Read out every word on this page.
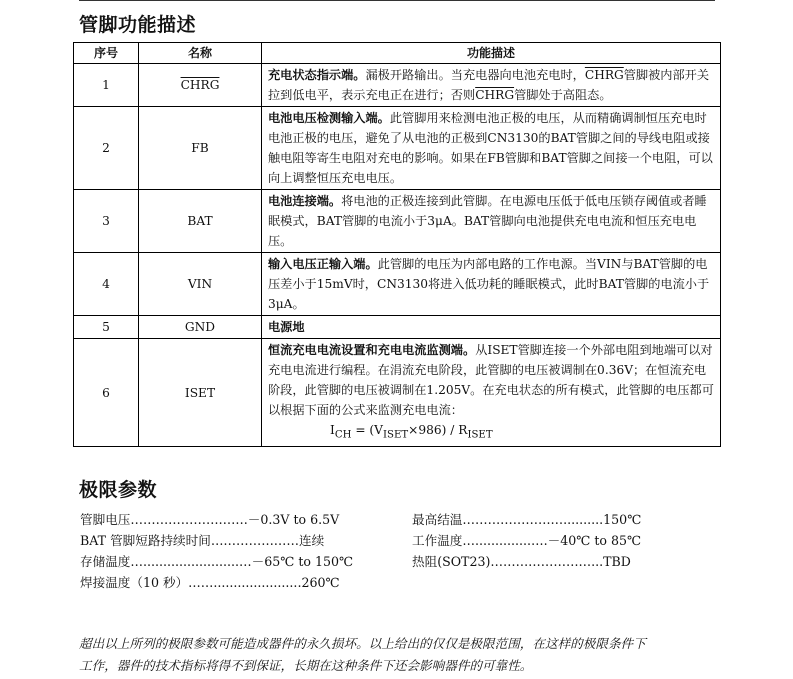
管脚功能描述
序号	名称	功能描述
1	CHRG	充电状态指示端。漏极开路输出。当充电器向电池充电时，CHRG管脚被内部开关拉到低电平，表示充电正在进行；否则CHRG管脚处于高阻态。
2	FB	电池电压检测输入端。此管脚用来检测电池正极的电压，从而精确调制恒压充电时电池正极的电压，避免了从电池的正极到CN3130的BAT管脚之间的导线电阻或接触电阻等寄生电阻对充电的影响。如果在FB管脚和BAT管脚之间接一个电阻，可以向上调整恒压充电电压。
3	BAT	电池连接端。将电池的正极连接到此管脚。在电源电压低于低电压锁存阈值或者睡眠模式，BAT管脚的电流小于3μA。BAT管脚向电池提供充电电流和恒压充电电压。
4	VIN	输入电压正输入端。此管脚的电压为内部电路的工作电源。当VIN与BAT管脚的电压差小于15mV时，CN3130将进入低功耗的睡眠模式，此时BAT管脚的电流小于3μA。
5	GND	电源地
6	ISET	恒流充电电流设置和充电电流监测端。从ISET管脚连接一个外部电阻到地端可以对充电电流进行编程。在涓流充电阶段，此管脚的电压被调制在0.36V；在恒流充电阶段，此管脚的电压被调制在1.205V。在充电状态的所有模式，此管脚的电压都可以根据下面的公式来监测充电电流：
$I_{CH} = (V_{ISET}\times 986) / R_{ISET}$
极限参数
管脚电压……………………….－0.3V to 6.5V
BAT 管脚短路持续时间…………………连续
存储温度…........................…－65℃ to 150℃
焊接温度（10 秒）……......................260℃
最高结温……………………..........150℃
工作温度…..............….－40℃ to 85℃
热阻(SOT23)……………………...TBD
超出以上所列的极限参数可能造成器件的永久损坏。以上给出的仅仅是极限范围，在这样的极限条件下
工作，器件的技术指标将得不到保证，长期在这种条件下还会影响器件的可靠性。
